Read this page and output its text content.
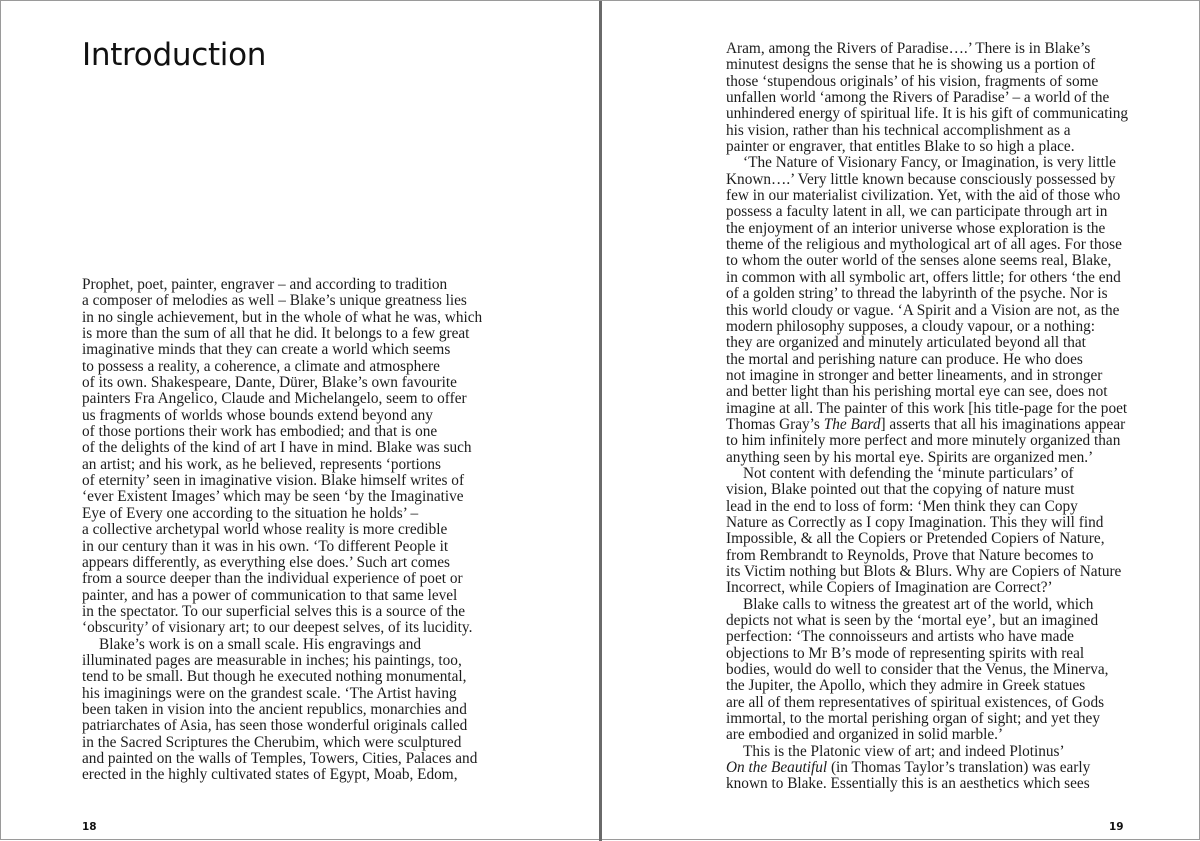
Introduction
Prophet, poet, painter, engraver – and according to tradition
a composer of melodies as well – Blake’s unique greatness lies
in no single achievement, but in the whole of what he was, which
is more than the sum of all that he did. It belongs to a few great
imaginative minds that they can create a world which seems
to possess a reality, a coherence, a climate and atmosphere
of its own. Shakespeare, Dante, Dürer, Blake’s own favourite
painters Fra Angelico, Claude and Michelangelo, seem to offer
us fragments of worlds whose bounds extend beyond any
of those portions their work has embodied; and that is one
of the delights of the kind of art I have in mind. Blake was such
an artist; and his work, as he believed, represents ‘portions
of eternity’ seen in imaginative vision. Blake himself writes of
‘ever Existent Images’ which may be seen ‘by the Imaginative
Eye of Every one according to the situation he holds’ –
a collective archetypal world whose reality is more credible
in our century than it was in his own. ‘To different People it
appears differently, as everything else does.’ Such art comes
from a source deeper than the individual experience of poet or
painter, and has a power of communication to that same level
in the spectator. To our superficial selves this is a source of the
‘obscurity’ of visionary art; to our deepest selves, of its lucidity.
Blake’s work is on a small scale. His engravings and
illuminated pages are measurable in inches; his paintings, too,
tend to be small. But though he executed nothing monumental,
his imaginings were on the grandest scale. ‘The Artist having
been taken in vision into the ancient republics, monarchies and
patriarchates of Asia, has seen those wonderful originals called
in the Sacred Scriptures the Cherubim, which were sculptured
and painted on the walls of Temples, Towers, Cities, Palaces and
erected in the highly cultivated states of Egypt, Moab, Edom,
18
Aram, among the Rivers of Paradise….’ There is in Blake’s
minutest designs the sense that he is showing us a portion of
those ‘stupendous originals’ of his vision, fragments of some
unfallen world ‘among the Rivers of Paradise’ – a world of the
unhindered energy of spiritual life. It is his gift of communicating
his vision, rather than his technical accomplishment as a
painter or engraver, that entitles Blake to so high a place.
‘The Nature of Visionary Fancy, or Imagination, is very little
Known….’ Very little known because consciously possessed by
few in our materialist civilization. Yet, with the aid of those who
possess a faculty latent in all, we can participate through art in
the enjoyment of an interior universe whose exploration is the
theme of the religious and mythological art of all ages. For those
to whom the outer world of the senses alone seems real, Blake,
in common with all symbolic art, offers little; for others ‘the end
of a golden string’ to thread the labyrinth of the psyche. Nor is
this world cloudy or vague. ‘A Spirit and a Vision are not, as the
modern philosophy supposes, a cloudy vapour, or a nothing:
they are organized and minutely articulated beyond all that
the mortal and perishing nature can produce. He who does
not imagine in stronger and better lineaments, and in stronger
and better light than his perishing mortal eye can see, does not
imagine at all. The painter of this work [his title-page for the poet
Thomas Gray’s The Bard] asserts that all his imaginations appear
to him infinitely more perfect and more minutely organized than
anything seen by his mortal eye. Spirits are organized men.’
Not content with defending the ‘minute particulars’ of
vision, Blake pointed out that the copying of nature must
lead in the end to loss of form: ‘Men think they can Copy
Nature as Correctly as I copy Imagination. This they will find
Impossible, & all the Copiers or Pretended Copiers of Nature,
from Rembrandt to Reynolds, Prove that Nature becomes to
its Victim nothing but Blots & Blurs. Why are Copiers of Nature
Incorrect, while Copiers of Imagination are Correct?’
Blake calls to witness the greatest art of the world, which
depicts not what is seen by the ‘mortal eye’, but an imagined
perfection: ‘The connoisseurs and artists who have made
objections to Mr B’s mode of representing spirits with real
bodies, would do well to consider that the Venus, the Minerva,
the Jupiter, the Apollo, which they admire in Greek statues
are all of them representatives of spiritual existences, of Gods
immortal, to the mortal perishing organ of sight; and yet they
are embodied and organized in solid marble.’
This is the Platonic view of art; and indeed Plotinus’
On the Beautiful (in Thomas Taylor’s translation) was early
known to Blake. Essentially this is an aesthetics which sees
19
